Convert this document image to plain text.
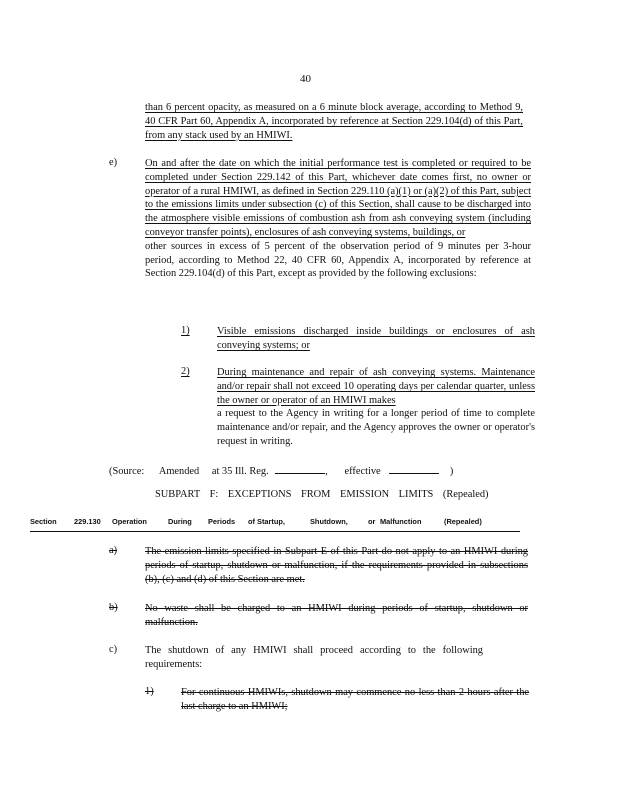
40
than 6 percent opacity, as measured on a 6 minute block average, according to Method 9, 40 CFR Part 60, Appendix A, incorporated by reference at Section 229.104(d) of this Part, from any stack used by an HMIWI.
e)	On and after the date on which the initial performance test is completed or required to be completed under Section 229.142 of this Part, whichever date comes first, no owner or operator of a rural HMIWI, as defined in Section 229.110 (a)(1) or (a)(2) of this Part, subject to the emissions limits under subsection (c) of this Section, shall cause to be discharged into the atmosphere visible emissions of combustion ash from ash conveying system (including conveyor transfer points), enclosures of ash conveying systems, buildings, or
other sources in excess of 5 percent of the observation period of 9 minutes per 3-hour period, according to Method 22, 40 CFR 60, Appendix A, incorporated by reference at Section 229.104(d) of this Part, except as provided by the following exclusions:
1)	Visible emissions discharged inside buildings or enclosures of ash conveying systems; or
2)	During maintenance and repair of ash conveying systems. Maintenance and/or repair shall not exceed 10 operating days per calendar quarter, unless the owner or operator of an HMIWI makes
a request to the Agency in writing for a longer period of time to complete maintenance and/or repair, and the Agency approves the owner or operator's request in writing.
(Source: Amended at 35 Ill. Reg.	, effective	)
SUBPART F: EXCEPTIONS FROM EMISSION LIMITS (Repealed)
Section 229.130 Operation	During Periods of Startup,	Shutdown,	or Malfunction	(Repealed)
a)	The emission limits specified in Subpart E of this Part do not apply to an HMIWI during periods of startup, shutdown or malfunction, if the requirements provided in subsections (b), (c) and (d) of this Section are met.
b)	No waste shall be charged to an HMIWI during periods of startup, shutdown or malfunction.
c)	The shutdown of any HMIWI shall proceed according to the following requirements:
1)	For continuous HMIWIs, shutdown may commence no less than 2 hours after the last charge to an HMIWI;
